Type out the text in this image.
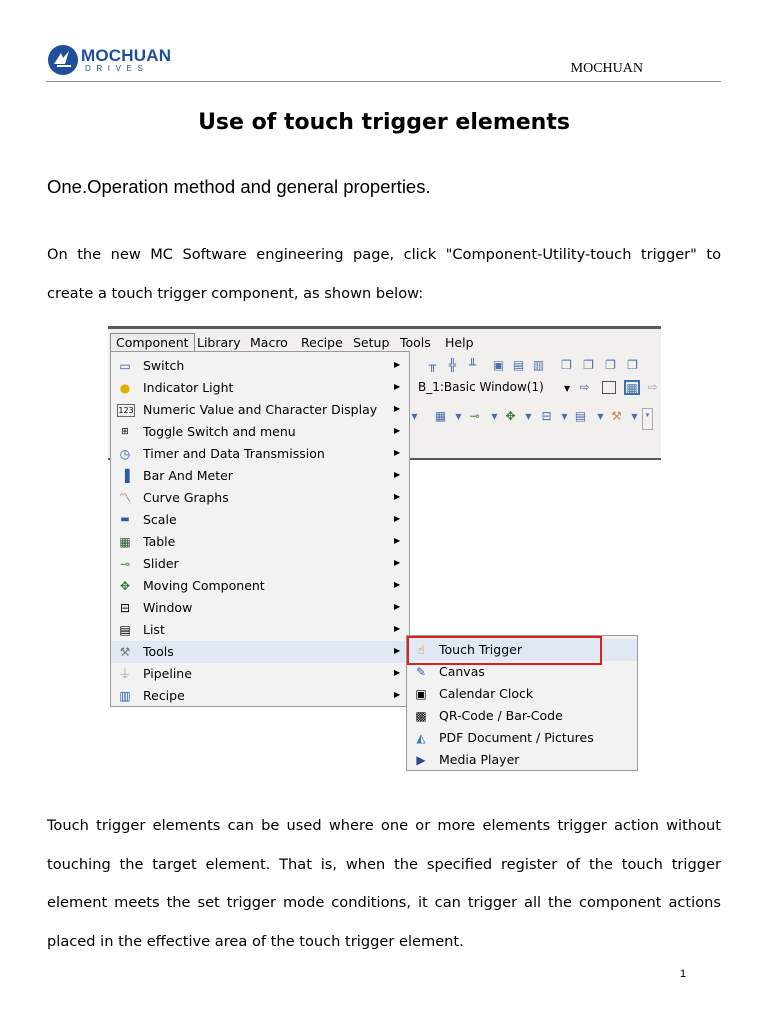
MOCHUAN
DRIVES	MOCHUAN
Use of touch trigger elements
One.Operation method and general properties.
On the new MC Software engineering page, click "Component-Utility-touch trigger" to create a touch trigger component, as shown below:
Component Library Macro Recipe Setup Tools Help
╥ ╬ ╨ ▣ ▤ ▥ ❐ ❐ ❐ ❐
B_1:Basic Window(1)	▼ ⇨	▦ ⇨
▼ ▦	▼ ⊸	▼ ✥	▼ ⊟	▼ ▤	▼ ⚒	▼	▾
▭ Switch	▶
● Indicator Light	▶
123 Numeric Value and Character Display ▶
⊞	Toggle Switch and menu	▶
◷ Timer and Data Transmission	▶
▐ Bar And Meter	▶
〽 Curve Graphs	▶
▬ Scale	▶
▦ Table	▶
⊸ Slider	▶
✥ Moving Component	▶
⊟ Window	▶
▤ List	▶
⚒ Tools	▶
⏚ Pipeline	▶
▥ Recipe	▶
☝	Touch Trigger
✎ Canvas
▣ Calendar Clock
▩ QR-Code / Bar-Code
◭ PDF Document / Pictures
▶ Media Player
Touch trigger elements can be used where one or more elements trigger action without touching the target element. That is, when the specified register of the touch trigger element meets the set trigger mode conditions, it can trigger all the component actions placed in the effective area of the touch trigger element.
1
